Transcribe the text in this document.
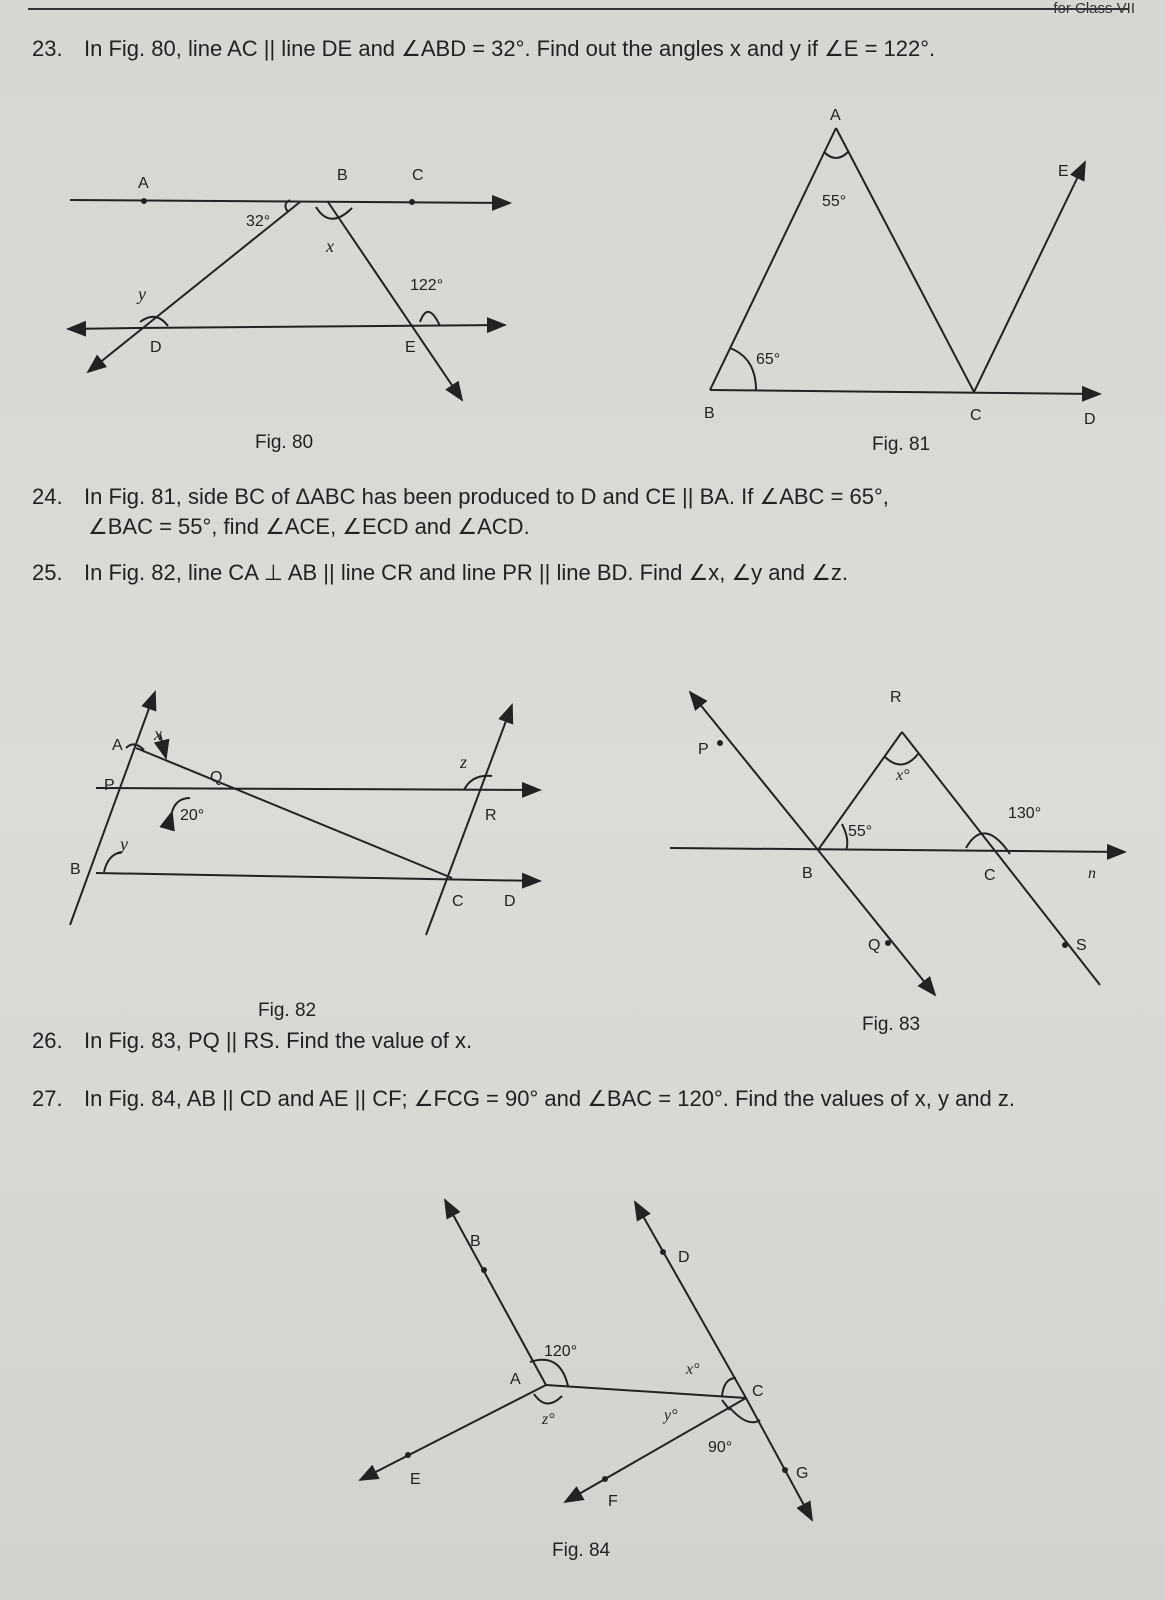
for Class VII
23. In Fig. 80, line AC || line DE and ∠ABD = 32°. Find out the angles x and y if ∠E = 122°.
24. In Fig. 81, side BC of ΔABC has been produced to D and CE || BA. If ∠ABC = 65°,
∠BAC = 55°, find ∠ACE, ∠ECD and ∠ACD.
25. In Fig. 82, line CA ⊥ AB || line CR and line PR || line BD. Find ∠x, ∠y and ∠z.
26. In Fig. 83, PQ || RS. Find the value of x.
27. In Fig. 84, AB || CD and AE || CF; ∠FCG = 90° and ∠BAC = 120°. Find the values of x, y and z.
Fig. 80	Fig. 81
Fig. 82
Fig. 83
Fig. 84
A	B	C
D	E
32°
122°
x
y
A
B	C	D
E
55°
65°
A
P	Q
B
C	D
R
20°
x
y
z
P
R
B	C
Q	S
n
x°
55°
130°
B
D
A
C
E
F
G
120°
90°
x°
y°
z°
